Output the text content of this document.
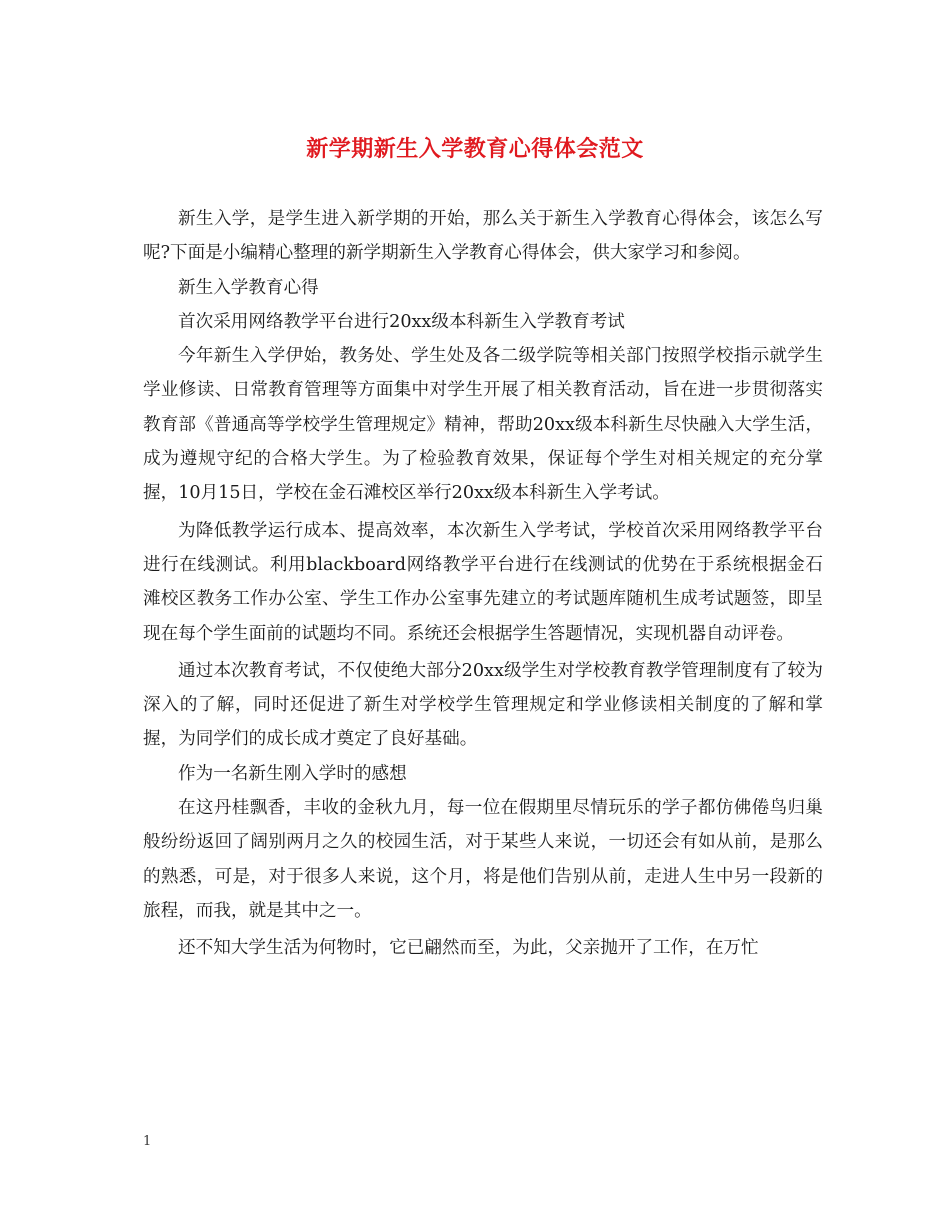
新学期新生入学教育心得体会范文

新生入学，是学生进入新学期的开始，那么关于新生入学教育心得体会，该怎么写呢?下面是小编精心整理的新学期新生入学教育心得体会，供大家学习和参阅。

新生入学教育心得

首次采用网络教学平台进行20xx级本科新生入学教育考试

今年新生入学伊始，教务处、学生处及各二级学院等相关部门按照学校指示就学生学业修读、日常教育管理等方面集中对学生开展了相关教育活动，旨在进一步贯彻落实教育部《普通高等学校学生管理规定》精神，帮助20xx级本科新生尽快融入大学生活，成为遵规守纪的合格大学生。为了检验教育效果，保证每个学生对相关规定的充分掌握，10月15日，学校在金石滩校区举行20xx级本科新生入学考试。

为降低教学运行成本、提高效率，本次新生入学考试，学校首次采用网络教学平台进行在线测试。利用blackboard网络教学平台进行在线测试的优势在于系统根据金石滩校区教务工作办公室、学生工作办公室事先建立的考试题库随机生成考试题签，即呈现在每个学生面前的试题均不同。系统还会根据学生答题情况，实现机器自动评卷。

通过本次教育考试，不仅使绝大部分20xx级学生对学校教育教学管理制度有了较为深入的了解，同时还促进了新生对学校学生管理规定和学业修读相关制度的了解和掌握，为同学们的成长成才奠定了良好基础。

作为一名新生刚入学时的感想

在这丹桂飘香，丰收的金秋九月，每一位在假期里尽情玩乐的学子都仿佛倦鸟归巢般纷纷返回了阔别两月之久的校园生活，对于某些人来说，一切还会有如从前，是那么的熟悉，可是，对于很多人来说，这个月，将是他们告别从前，走进人生中另一段新的旅程，而我，就是其中之一。

还不知大学生活为何物时，它已翩然而至，为此，父亲抛开了工作，在万忙

1
